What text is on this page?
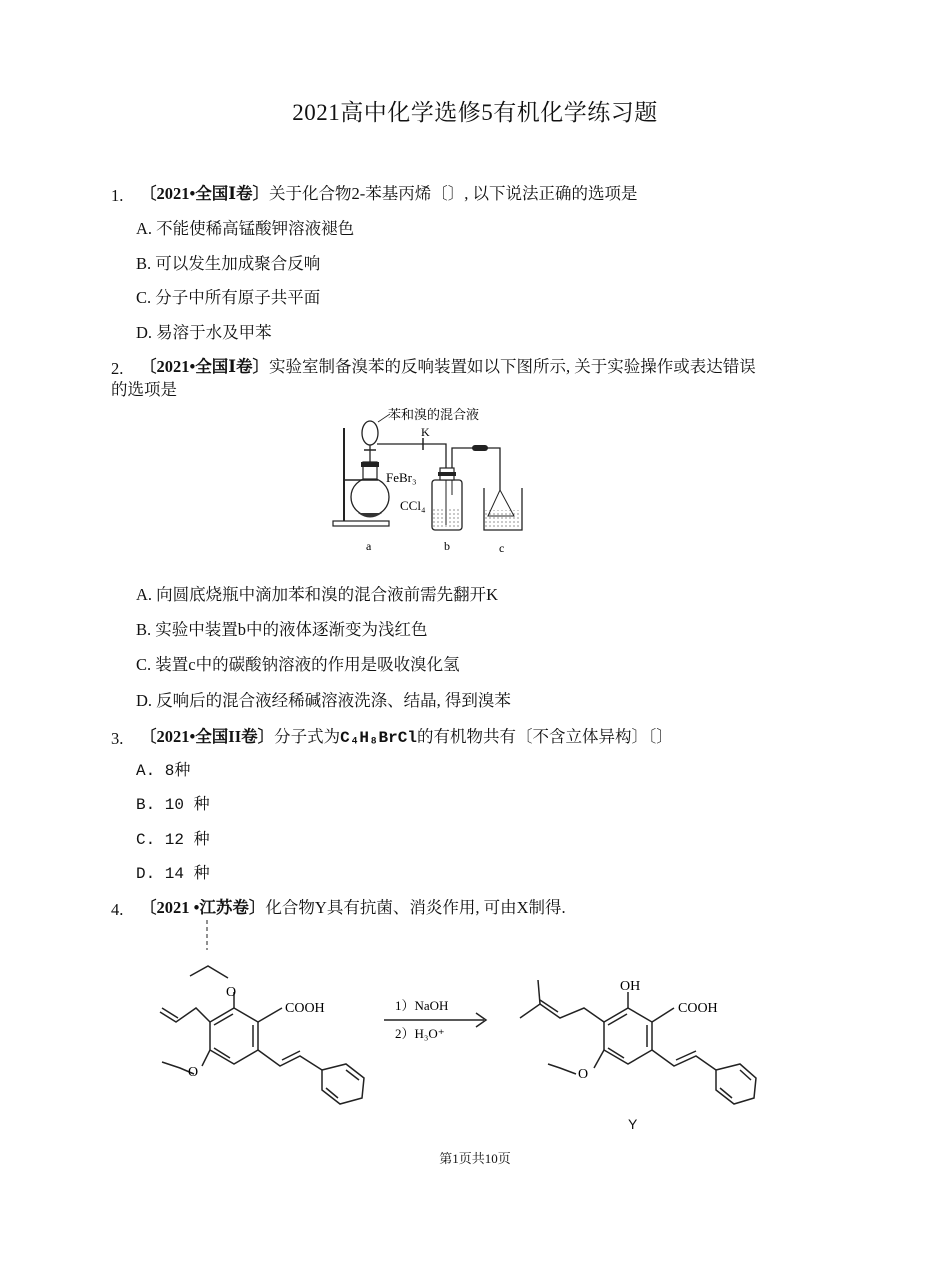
2021高中化学选修5有机化学练习题
1. 〔2021•全国Ⅰ卷〕关于化合物2-苯基丙烯〔〕, 以下说法正确的选项是
A. 不能使稀高锰酸钾溶液褪色
B. 可以发生加成聚合反响
C. 分子中所有原子共平面
D. 易溶于水及甲苯
2. 〔2021•全国Ⅰ卷〕实验室制备溴苯的反响装置如以下图所示, 关于实验操作或表达错误
的选项是
苯和溴的混合液
K
FeBr₃
CCl₄
a	b	c
A. 向圆底烧瓶中滴加苯和溴的混合液前需先翻开K
B. 实验中装置b中的液体逐渐变为浅红色
C. 装置c中的碳酸钠溶液的作用是吸收溴化氢
D. 反响后的混合液经稀碱溶液洗涤、结晶, 得到溴苯
3. 〔2021•全国II卷〕分子式为C₄H₈BrCl的有机物共有〔不含立体异构〕〔〕
A. 8种
B. 10 种
C. 12 种
D. 14 种
4. 〔2021 •江苏卷〕化合物Y具有抗菌、消炎作用, 可由X制得.
O
O
COOH	1）NaOH
2）H₃O⁺
OH
COOH
O
Y
第1页共10页
